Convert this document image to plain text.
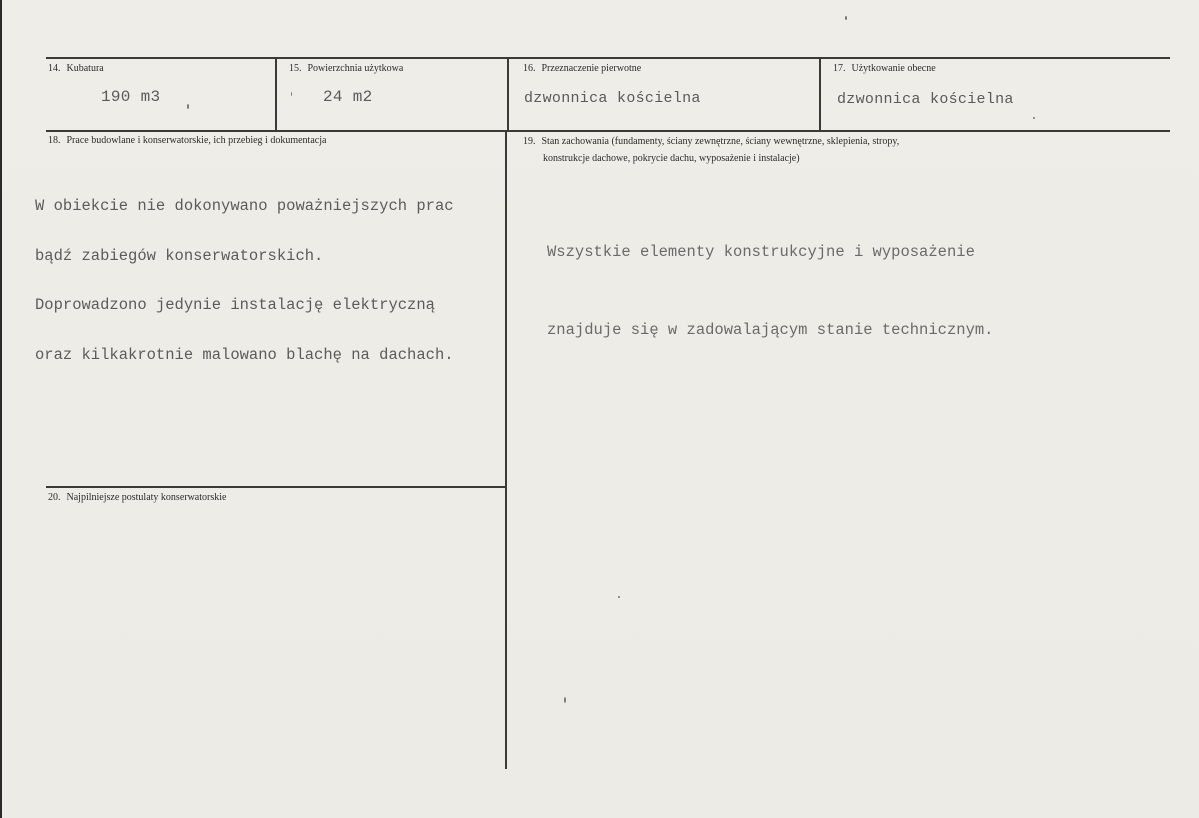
14. Kubatura
190 m3
15. Powierzchnia użytkowa
24 m2
16. Przeznaczenie pierwotne
dzwonnica kościelna
17. Użytkowanie obecne
dzwonnica kościelna
18. Prace budowlane i konserwatorskie, ich przebieg i dokumentacja

W obiekcie nie dokonywano poważniejszych prac

bądź zabiegów konserwatorskich.

Doprowadzono jedynie instalację elektryczną

oraz kilkakrotnie malowano blachę na dachach.

19. Stan zachowania (fundamenty, ściany zewnętrzne, ściany wewnętrzne, sklepienia, stropy,
konstrukcje dachowe, pokrycie dachu, wyposażenie i instalacje)

Wszystkie elementy konstrukcyjne i wyposażenie

znajduje się w zadowalającym stanie technicznym.

20. Najpilniejsze postulaty konserwatorskie
